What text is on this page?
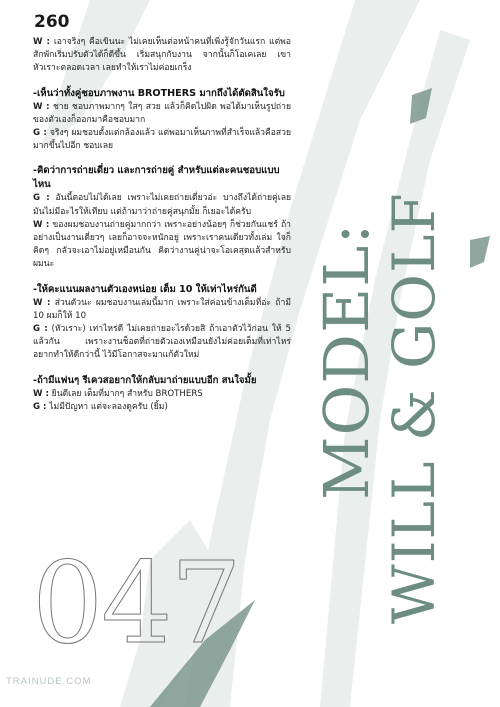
260
W : เอาจริงๆ คือเขินนะ ไม่เคยเห็นต่อหน้าคนที่เพิ่งรู้จักวันแรก แต่พอสักพักเริ่มปรับตัวได้ก็ดีขึ้น เริ่มสนุกกับงาน จากนั้นก็โอเคเลย เขาหัวเราะตลอดเวลา เลยทำให้เราไม่ค่อยเกร็ง
-เห็นว่าทั้งคู่ชอบภาพงาน BROTHERS มากถึงได้ตัดสินใจรับ
W : ชาย ชอบภาพมากๆ ใสๆ สวย แล้วก็คิดไปผิด พอได้มาเห็นรูปถ่ายของตัวเองก็ออกมาคือชอบมาก
G : จริงๆ ผมชอบตั้งแต่กล้องแล้ว แต่พอมาเห็นภาพที่สำเร็จแล้วคือสวยมากขึ้นไปอีก ชอบเลย
-คิดว่าการถ่ายเดี่ยว และการถ่ายคู่ สำหรับแต่ละคนชอบแบบไหน
G : อันนี้ตอบไม่ได้เลย เพราะไม่เคยถ่ายเดี่ยวอ่ะ บางถึงได้ถ่ายคู่เลย มันไม่มีอะไรให้เทียบ แต่ถ้ามาว่าถ่ายคู่สนุกมั้ย ก็เยอะได้ครับ
W : ของผมชอบงานถ่ายคู่มากกว่า เพราะอย่างน้อยๆ ก็ช่วยกันแชร์ ถ้าอย่างเป็นงานเดี่ยวๆ เลยก็อาจจะหนักอยู่ เพราะเราคนเดียวทั้งเล่ม ใจก็คิดๆ กลัวจะเอาไม่อยู่เหมือนกัน คิดว่างานคู่น่าจะโอเคสุดแล้วสำหรับผมนะ
-ให้คะแนนผลงานตัวเองหน่อย เต็ม 10 ให้เท่าไหร่กันดี
W : ส่วนตัวนะ ผมชอบงานเล่มนี้มาก เพราะใส่ค่อนข้างเต็มที่อ่ะ ถ้ามี 10 ผมก็ให้ 10
G : (หัวเราะ) เท่าไหร่ดี ไม่เคยถ่ายอะไรด้วยสิ ถ้าเอาตัวไว้ก่อน ให้ 5 แล้วกัน เพราะงานช็อตที่ถ่ายตัวเองเหมือนยังไม่ค่อยเต็มที่เท่าไหร่ อยากทำให้ดีกว่านี้ ไว้มีโอกาสจะมาแก้ตัวใหม่
-ถ้ามีแฟนๆ รีเควสอยากให้กลับมาถ่ายแบบอีก สนใจมั้ย
W : ยินดีเลย เต็มที่มากๆ สำหรับ BROTHERS
G : ไม่มีปัญหา แต่จะลองดูครับ (ยิ้ม)	MODEL:
WILL & GOLF
047
TRAINUDE.COM
